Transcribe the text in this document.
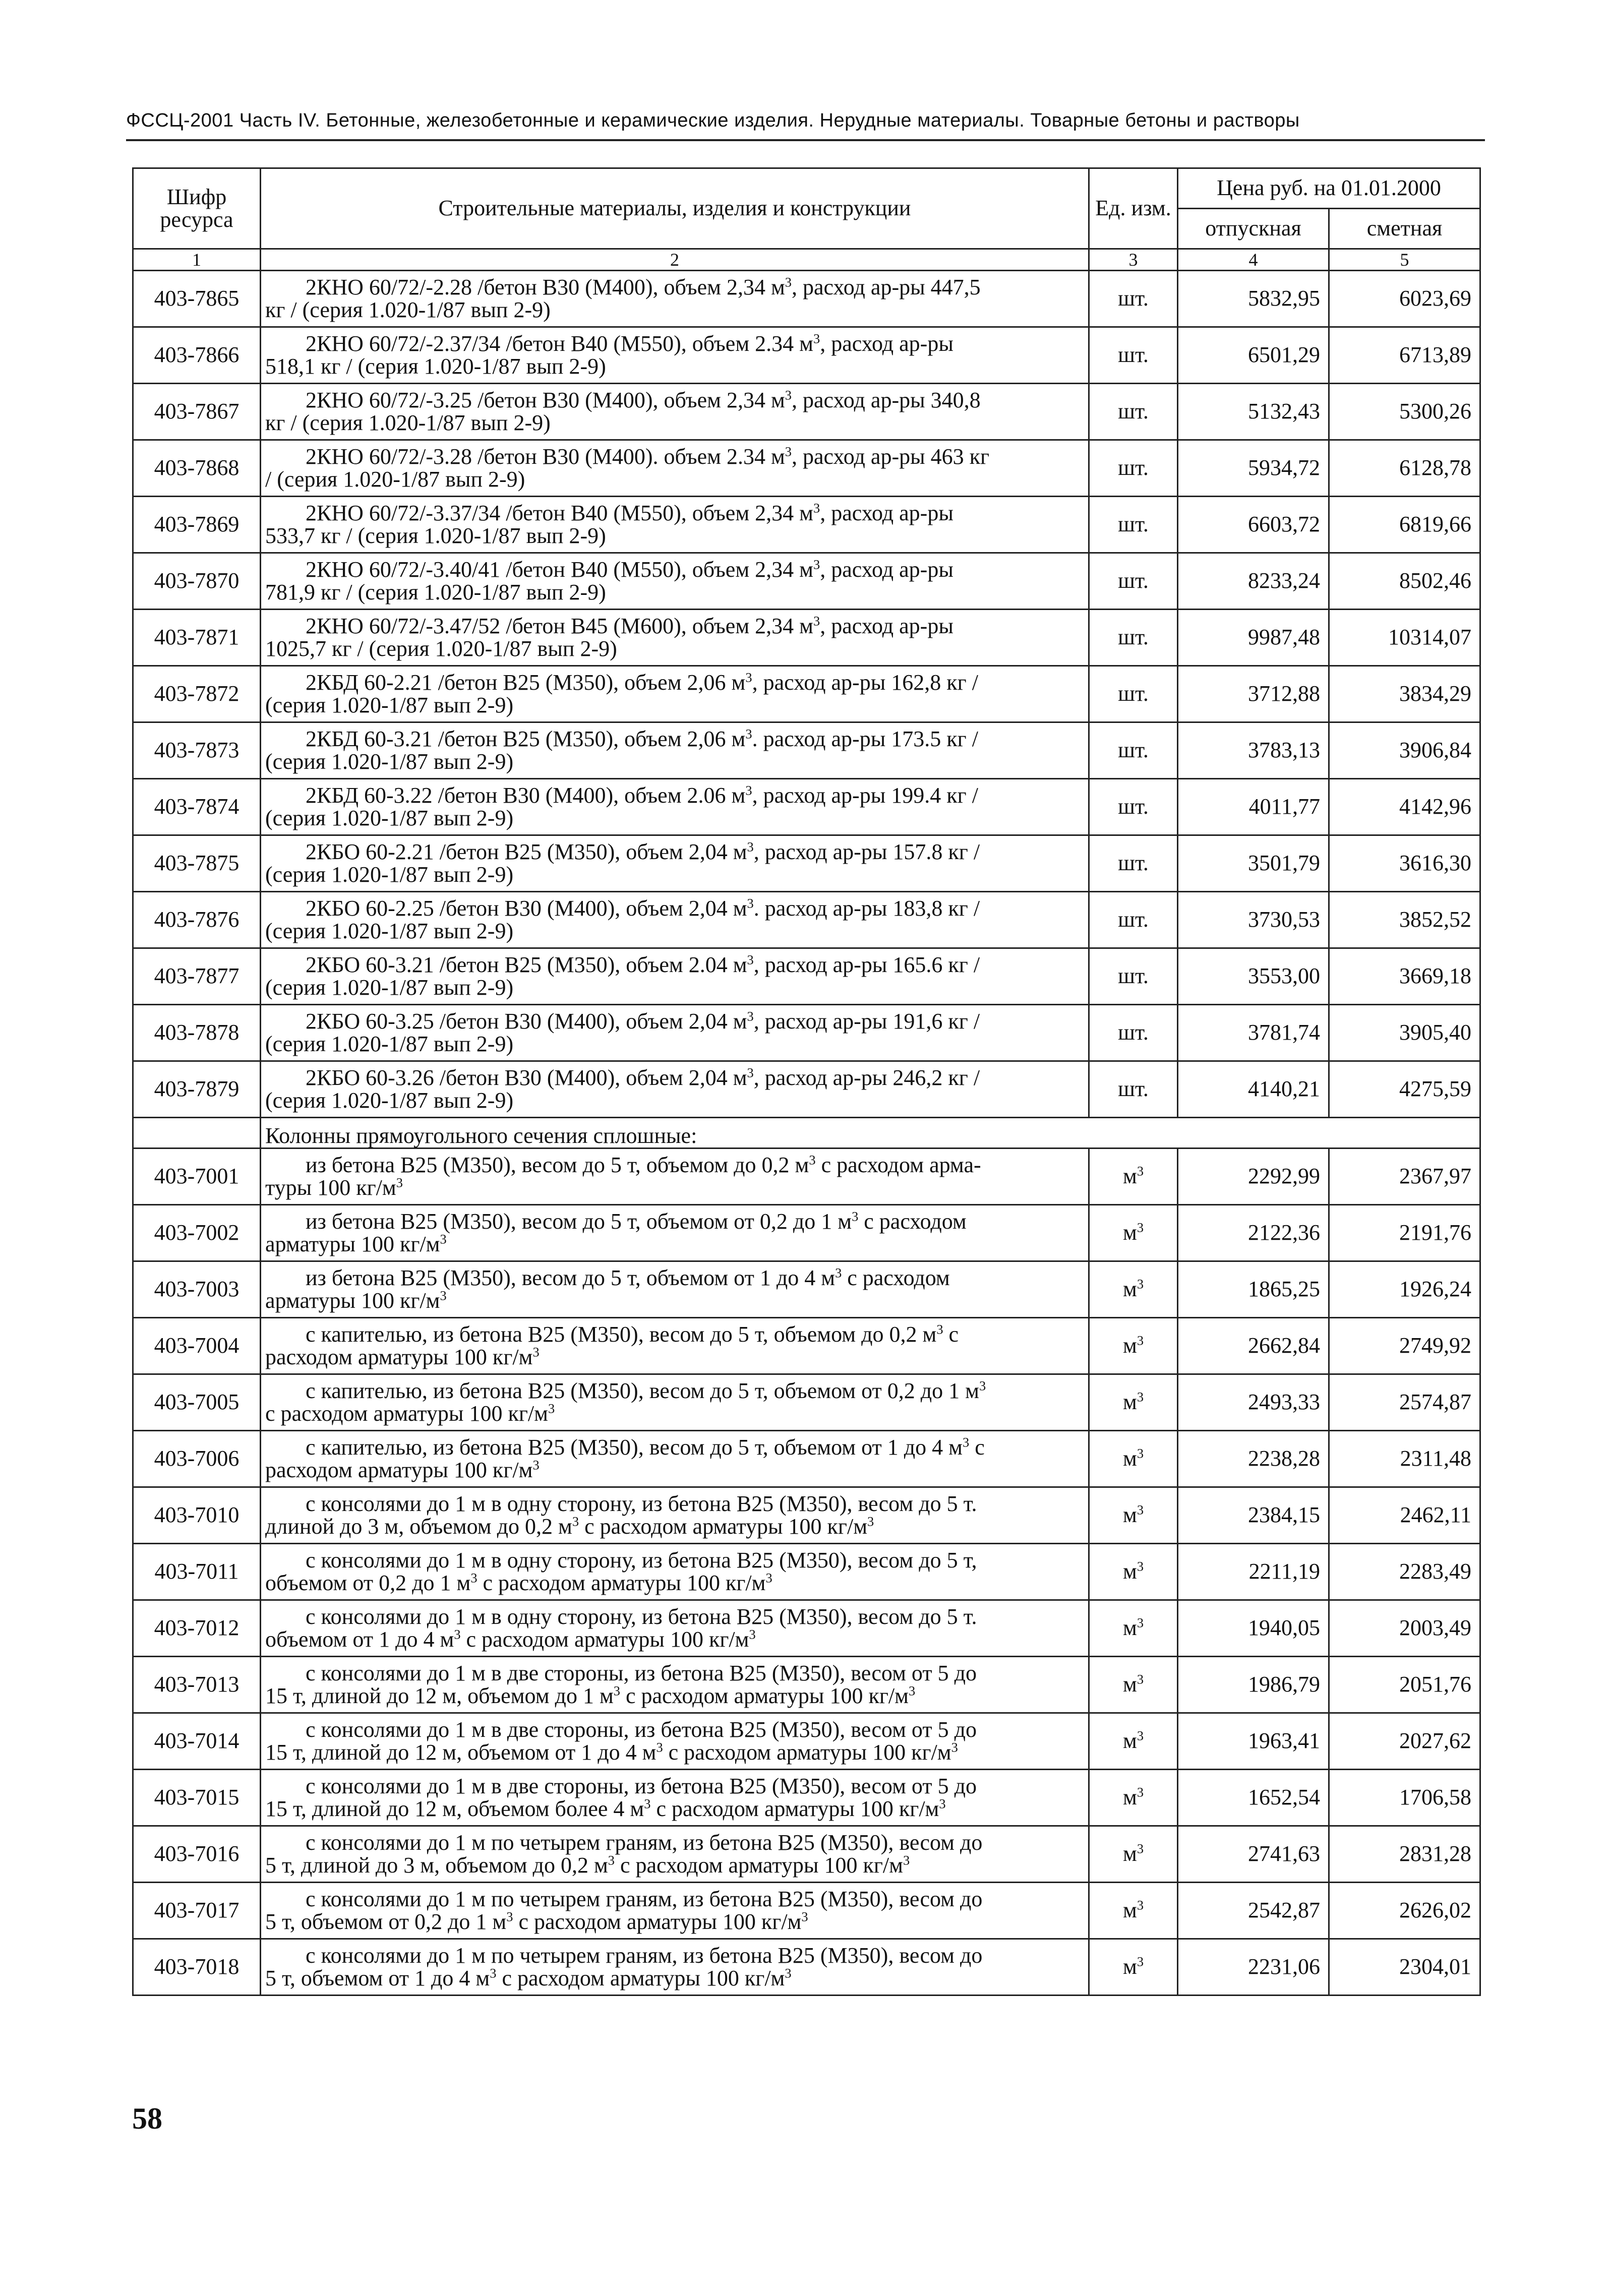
ФССЦ-2001 Часть IV. Бетонные, железобетонные и керамические изделия. Нерудные материалы. Товарные бетоны и растворы
Шифр ресурса	Строительные материалы, изделия и конструкции	Ед. изм.	Цена руб. на 01.01.2000	
			отпускная	сметная
1	2	3	4	5
403-7865	2КНО 60/72/-2.28 /бетон В30 (М400), объем 2,34 $м^3$, расход ар-ры 447,5
кг / (серия 1.020-1/87 вып 2-9)	шт.	5832,95	6023,69
403-7866	2КНО 60/72/-2.37/34 /бетон В40 (М550), объем 2.34 $м^3$, расход ар-ры
518,1 кг / (серия 1.020-1/87 вып 2-9)	шт.	6501,29	6713,89
403-7867	2КНО 60/72/-3.25 /бетон В30 (М400), объем 2,34 $м^3$, расход ар-ры 340,8
кг / (серия 1.020-1/87 вып 2-9)	шт.	5132,43	5300,26
403-7868	2КНО 60/72/-3.28 /бетон В30 (М400). объем 2.34 $м^3$, расход ар-ры 463 кг
/ (серия 1.020-1/87 вып 2-9)	шт.	5934,72	6128,78
403-7869	2КНО 60/72/-3.37/34 /бетон В40 (М550), объем 2,34 $м^3$, расход ар-ры
533,7 кг / (серия 1.020-1/87 вып 2-9)	шт.	6603,72	6819,66
403-7870	2КНО 60/72/-3.40/41 /бетон В40 (М550), объем 2,34 $м^3$, расход ар-ры
781,9 кг / (серия 1.020-1/87 вып 2-9)	шт.	8233,24	8502,46
403-7871	2КНО 60/72/-3.47/52 /бетон В45 (М600), объем 2,34 $м^3$, расход ар-ры
1025,7 кг / (серия 1.020-1/87 вып 2-9)	шт.	9987,48	10314,07
403-7872	2КБД 60-2.21 /бетон В25 (М350), объем 2,06 $м^3$, расход ар-ры 162,8 кг /
(серия 1.020-1/87 вып 2-9)	шт.	3712,88	3834,29
403-7873	2КБД 60-3.21 /бетон В25 (М350), объем 2,06 $м^3$. расход ар-ры 173.5 кг /
(серия 1.020-1/87 вып 2-9)	шт.	3783,13	3906,84
403-7874	2КБД 60-3.22 /бетон В30 (М400), объем 2.06 $м^3$, расход ар-ры 199.4 кг /
(серия 1.020-1/87 вып 2-9)	шт.	4011,77	4142,96
403-7875	2КБО 60-2.21 /бетон В25 (М350), объем 2,04 $м^3$, расход ар-ры 157.8 кг /
(серия 1.020-1/87 вып 2-9)	шт.	3501,79	3616,30
403-7876	2КБО 60-2.25 /бетон В30 (М400), объем 2,04 $м^3$. расход ар-ры 183,8 кг /
(серия 1.020-1/87 вып 2-9)	шт.	3730,53	3852,52
403-7877	2КБО 60-3.21 /бетон В25 (М350), объем 2.04 $м^3$, расход ар-ры 165.6 кг /
(серия 1.020-1/87 вып 2-9)	шт.	3553,00	3669,18
403-7878	2КБО 60-3.25 /бетон В30 (М400), объем 2,04 $м^3$, расход ар-ры 191,6 кг /
(серия 1.020-1/87 вып 2-9)	шт.	3781,74	3905,40
403-7879	2КБО 60-3.26 /бетон В30 (М400), объем 2,04 $м^3$, расход ар-ры 246,2 кг /
(серия 1.020-1/87 вып 2-9)	шт.	4140,21	4275,59
	Колонны прямоугольного сечения сплошные:			
403-7001	из бетона В25 (М350), весом до 5 т, объемом до 0,2 $м^3$ с расходом арма-
туры 100 $кг/м^3$	$м^3$	2292,99	2367,97
403-7002	из бетона В25 (М350), весом до 5 т, объемом от 0,2 до 1 $м^3$ с расходом
арматуры 100 $кг/м^3$	$м^3$	2122,36	2191,76
403-7003	из бетона В25 (М350), весом до 5 т, объемом от 1 до 4 $м^3$ с расходом
арматуры 100 $кг/м^3$	$м^3$	1865,25	1926,24
403-7004	с капителью, из бетона В25 (М350), весом до 5 т, объемом до 0,2 $м^3$ с
расходом арматуры 100 $кг/м^3$	$м^3$	2662,84	2749,92
403-7005	с капителью, из бетона В25 (М350), весом до 5 т, объемом от 0,2 до 1 $м^3$
с расходом арматуры 100 $кг/м^3$	$м^3$	2493,33	2574,87
403-7006	с капителью, из бетона В25 (М350), весом до 5 т, объемом от 1 до 4 $м^3$ с
расходом арматуры 100 $кг/м^3$	$м^3$	2238,28	2311,48
403-7010	с консолями до 1 м в одну сторону, из бетона В25 (М350), весом до 5 т.
длиной до 3 м, объемом до 0,2 $м^3$ с расходом арматуры 100 $кг/м^3$	$м^3$	2384,15	2462,11
403-7011	с консолями до 1 м в одну сторону, из бетона В25 (М350), весом до 5 т,
объемом от 0,2 до 1 $м^3$ с расходом арматуры 100 $кг/м^3$	$м^3$	2211,19	2283,49
403-7012	с консолями до 1 м в одну сторону, из бетона В25 (М350), весом до 5 т.
объемом от 1 до 4 $м^3$ с расходом арматуры 100 $кг/м^3$	$м^3$	1940,05	2003,49
403-7013	с консолями до 1 м в две стороны, из бетона В25 (М350), весом от 5 до
15 т, длиной до 12 м, объемом до 1 $м^3$ с расходом арматуры 100 $кг/м^3$	$м^3$	1986,79	2051,76
403-7014	с консолями до 1 м в две стороны, из бетона В25 (М350), весом от 5 до
15 т, длиной до 12 м, объемом от 1 до 4 $м^3$ с расходом арматуры 100 $кг/м^3$	$м^3$	1963,41	2027,62
403-7015	с консолями до 1 м в две стороны, из бетона В25 (М350), весом от 5 до
15 т, длиной до 12 м, объемом более 4 $м^3$ с расходом арматуры 100 $кг/м^3$	$м^3$	1652,54	1706,58
403-7016	с консолями до 1 м по четырем граням, из бетона В25 (М350), весом до
5 т, длиной до 3 м, объемом до 0,2 $м^3$ с расходом арматуры 100 $кг/м^3$	$м^3$	2741,63	2831,28
403-7017	с консолями до 1 м по четырем граням, из бетона В25 (М350), весом до
5 т, объемом от 0,2 до 1 $м^3$ с расходом арматуры 100 $кг/м^3$	$м^3$	2542,87	2626,02
403-7018	с консолями до 1 м по четырем граням, из бетона В25 (М350), весом до
5 т, объемом от 1 до 4 $м^3$ с расходом арматуры 100 $кг/м^3$	$м^3$	2231,06	2304,01
58
